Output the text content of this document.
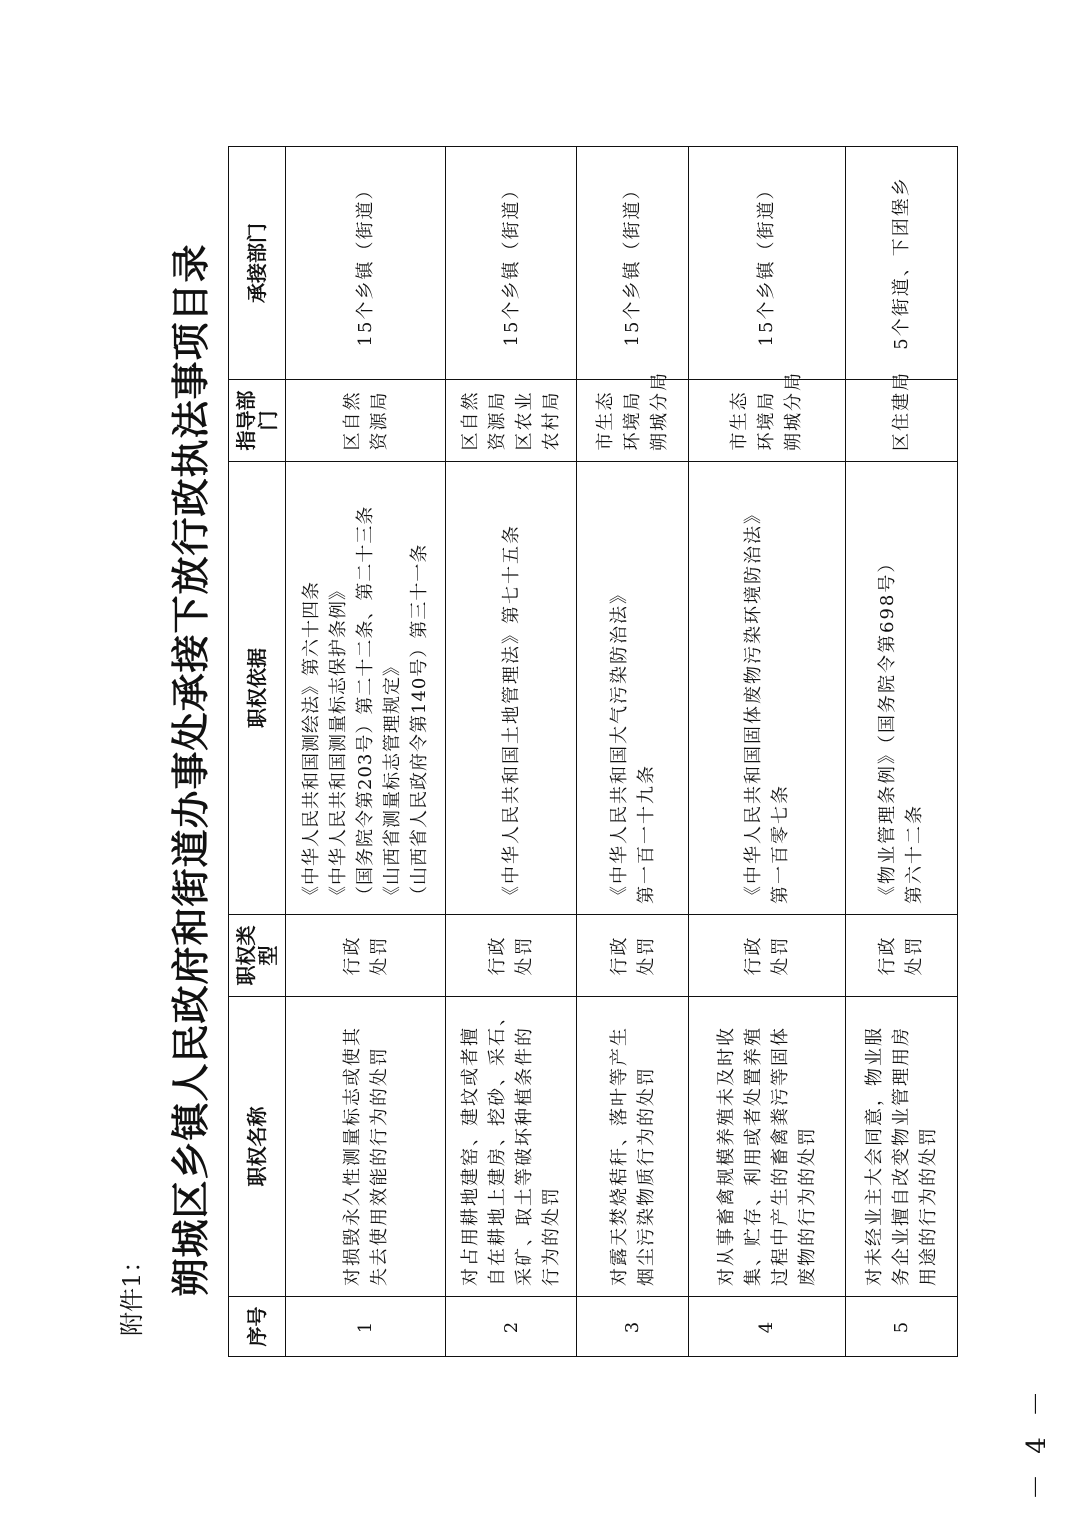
附件1： 朔城区乡镇人民政府和街道办事处承接下放行政执法事项目录
序号	职权名称	职权类型	职权依据	指导部门	承接部门
1	对损毁永久性测量标志或使其 失去使用效能的行为的处罚	行政 处罚	《中华人民共和国测绘法》第六十四条 《中华人民共和国测量标志保护条例》 （国务院令第203号）第二十二条、第二十三条 《山西省测量标志管理规定》 （山西省人民政府令第140号）第三十一条	区自然 资源局	15个乡镇（街道）
2	对占用耕地建窑、建坟或者擅 自在耕地上建房、挖砂、采石、 采矿、取土等破坏种植条件的 行为的处罚	行政 处罚	《中华人民共和国土地管理法》第七十五条	区自然 资源局 区农业 农村局	15个乡镇（街道）
3	对露天焚烧秸秆、落叶等产生 烟尘污染物质行为的处罚	行政 处罚	《中华人民共和国大气污染防治法》 第一百一十九条	市生态 环境局 朔城分局	15个乡镇（街道）
4	对从事畜禽规模养殖未及时收 集、贮存、利用或者处置养殖 过程中产生的畜禽粪污等固体 废物的行为的处罚	行政 处罚	《中华人民共和国固体废物污染环境防治法》 第一百零七条	市生态 环境局 朔城分局	15个乡镇（街道）
5	对未经业主大会同意，物业服 务企业擅自改变物业管理用房 用途的行为的处罚	行政 处罚	《物业管理条例》（国务院令第698号） 第六十二条	区住建局	5个街道、下团堡乡
－ 4 －
